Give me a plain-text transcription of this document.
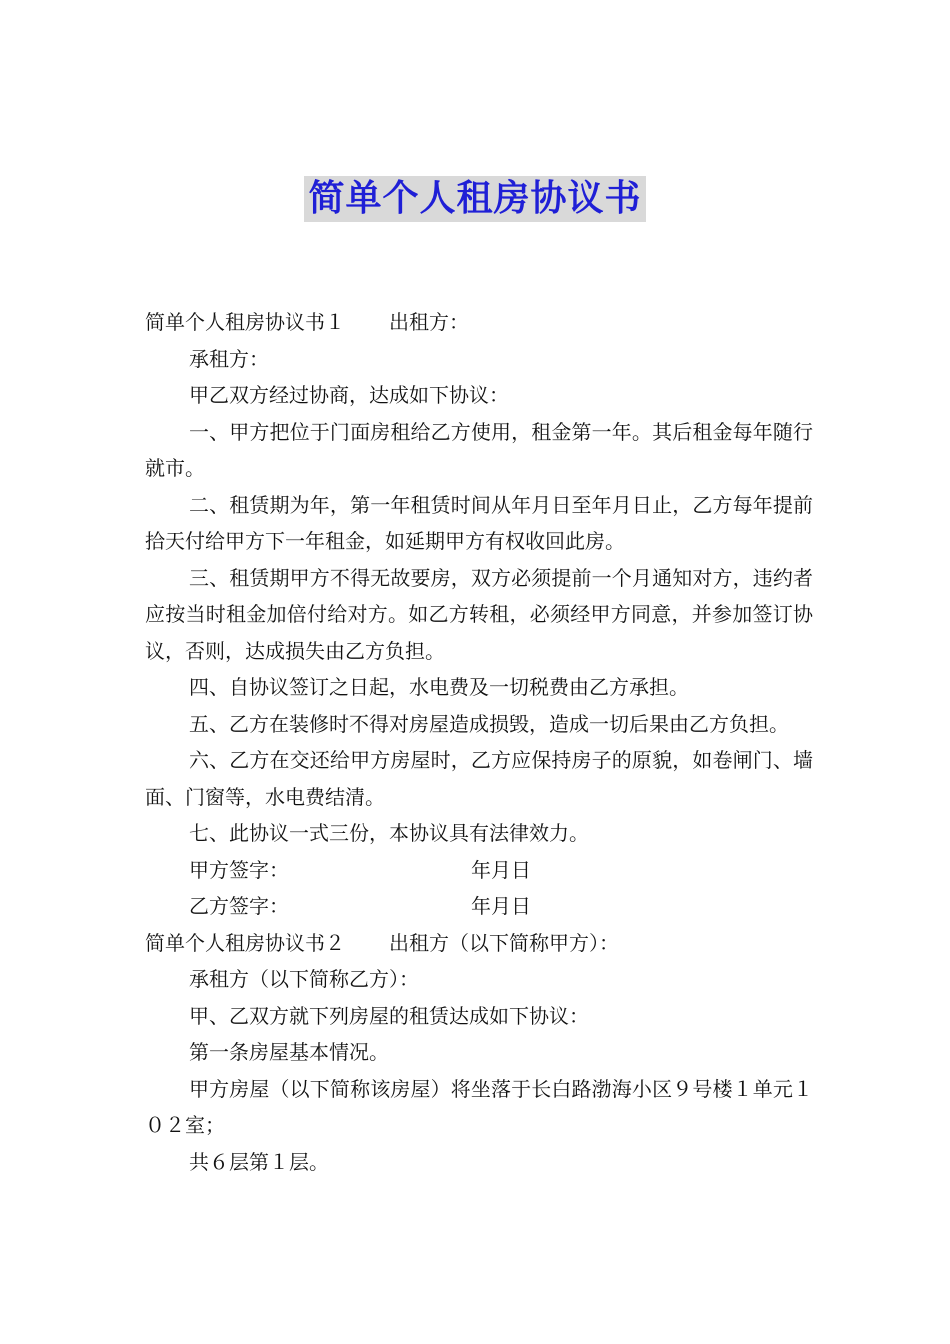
简单个人租房协议书

简单个人租房协议书１ 出租方：

承租方：

甲乙双方经过协商，达成如下协议：

一、甲方把位于门面房租给乙方使用，租金第一年。其后租金每年随行就市。

二、租赁期为年，第一年租赁时间从年月日至年月日止，乙方每年提前拾天付给甲方下一年租金，如延期甲方有权收回此房。

三、租赁期甲方不得无故要房，双方必须提前一个月通知对方，违约者应按当时租金加倍付给对方。如乙方转租，必须经甲方同意，并参加签订协议，否则，达成损失由乙方负担。

四、自协议签订之日起，水电费及一切税费由乙方承担。

五、乙方在装修时不得对房屋造成损毁，造成一切后果由乙方负担。

六、乙方在交还给甲方房屋时，乙方应保持房子的原貌，如卷闸门、墙面、门窗等，水电费结清。

七、此协议一式三份，本协议具有法律效力。

甲方签字：	年月日

乙方签字：	年月日

简单个人租房协议书２ 出租方（以下简称甲方）：

承租方（以下简称乙方）：

甲、乙双方就下列房屋的租赁达成如下协议：

第一条房屋基本情况。

甲方房屋（以下简称该房屋）将坐落于长白路渤海小区９号楼１单元１０２室；

共６层第１层。
